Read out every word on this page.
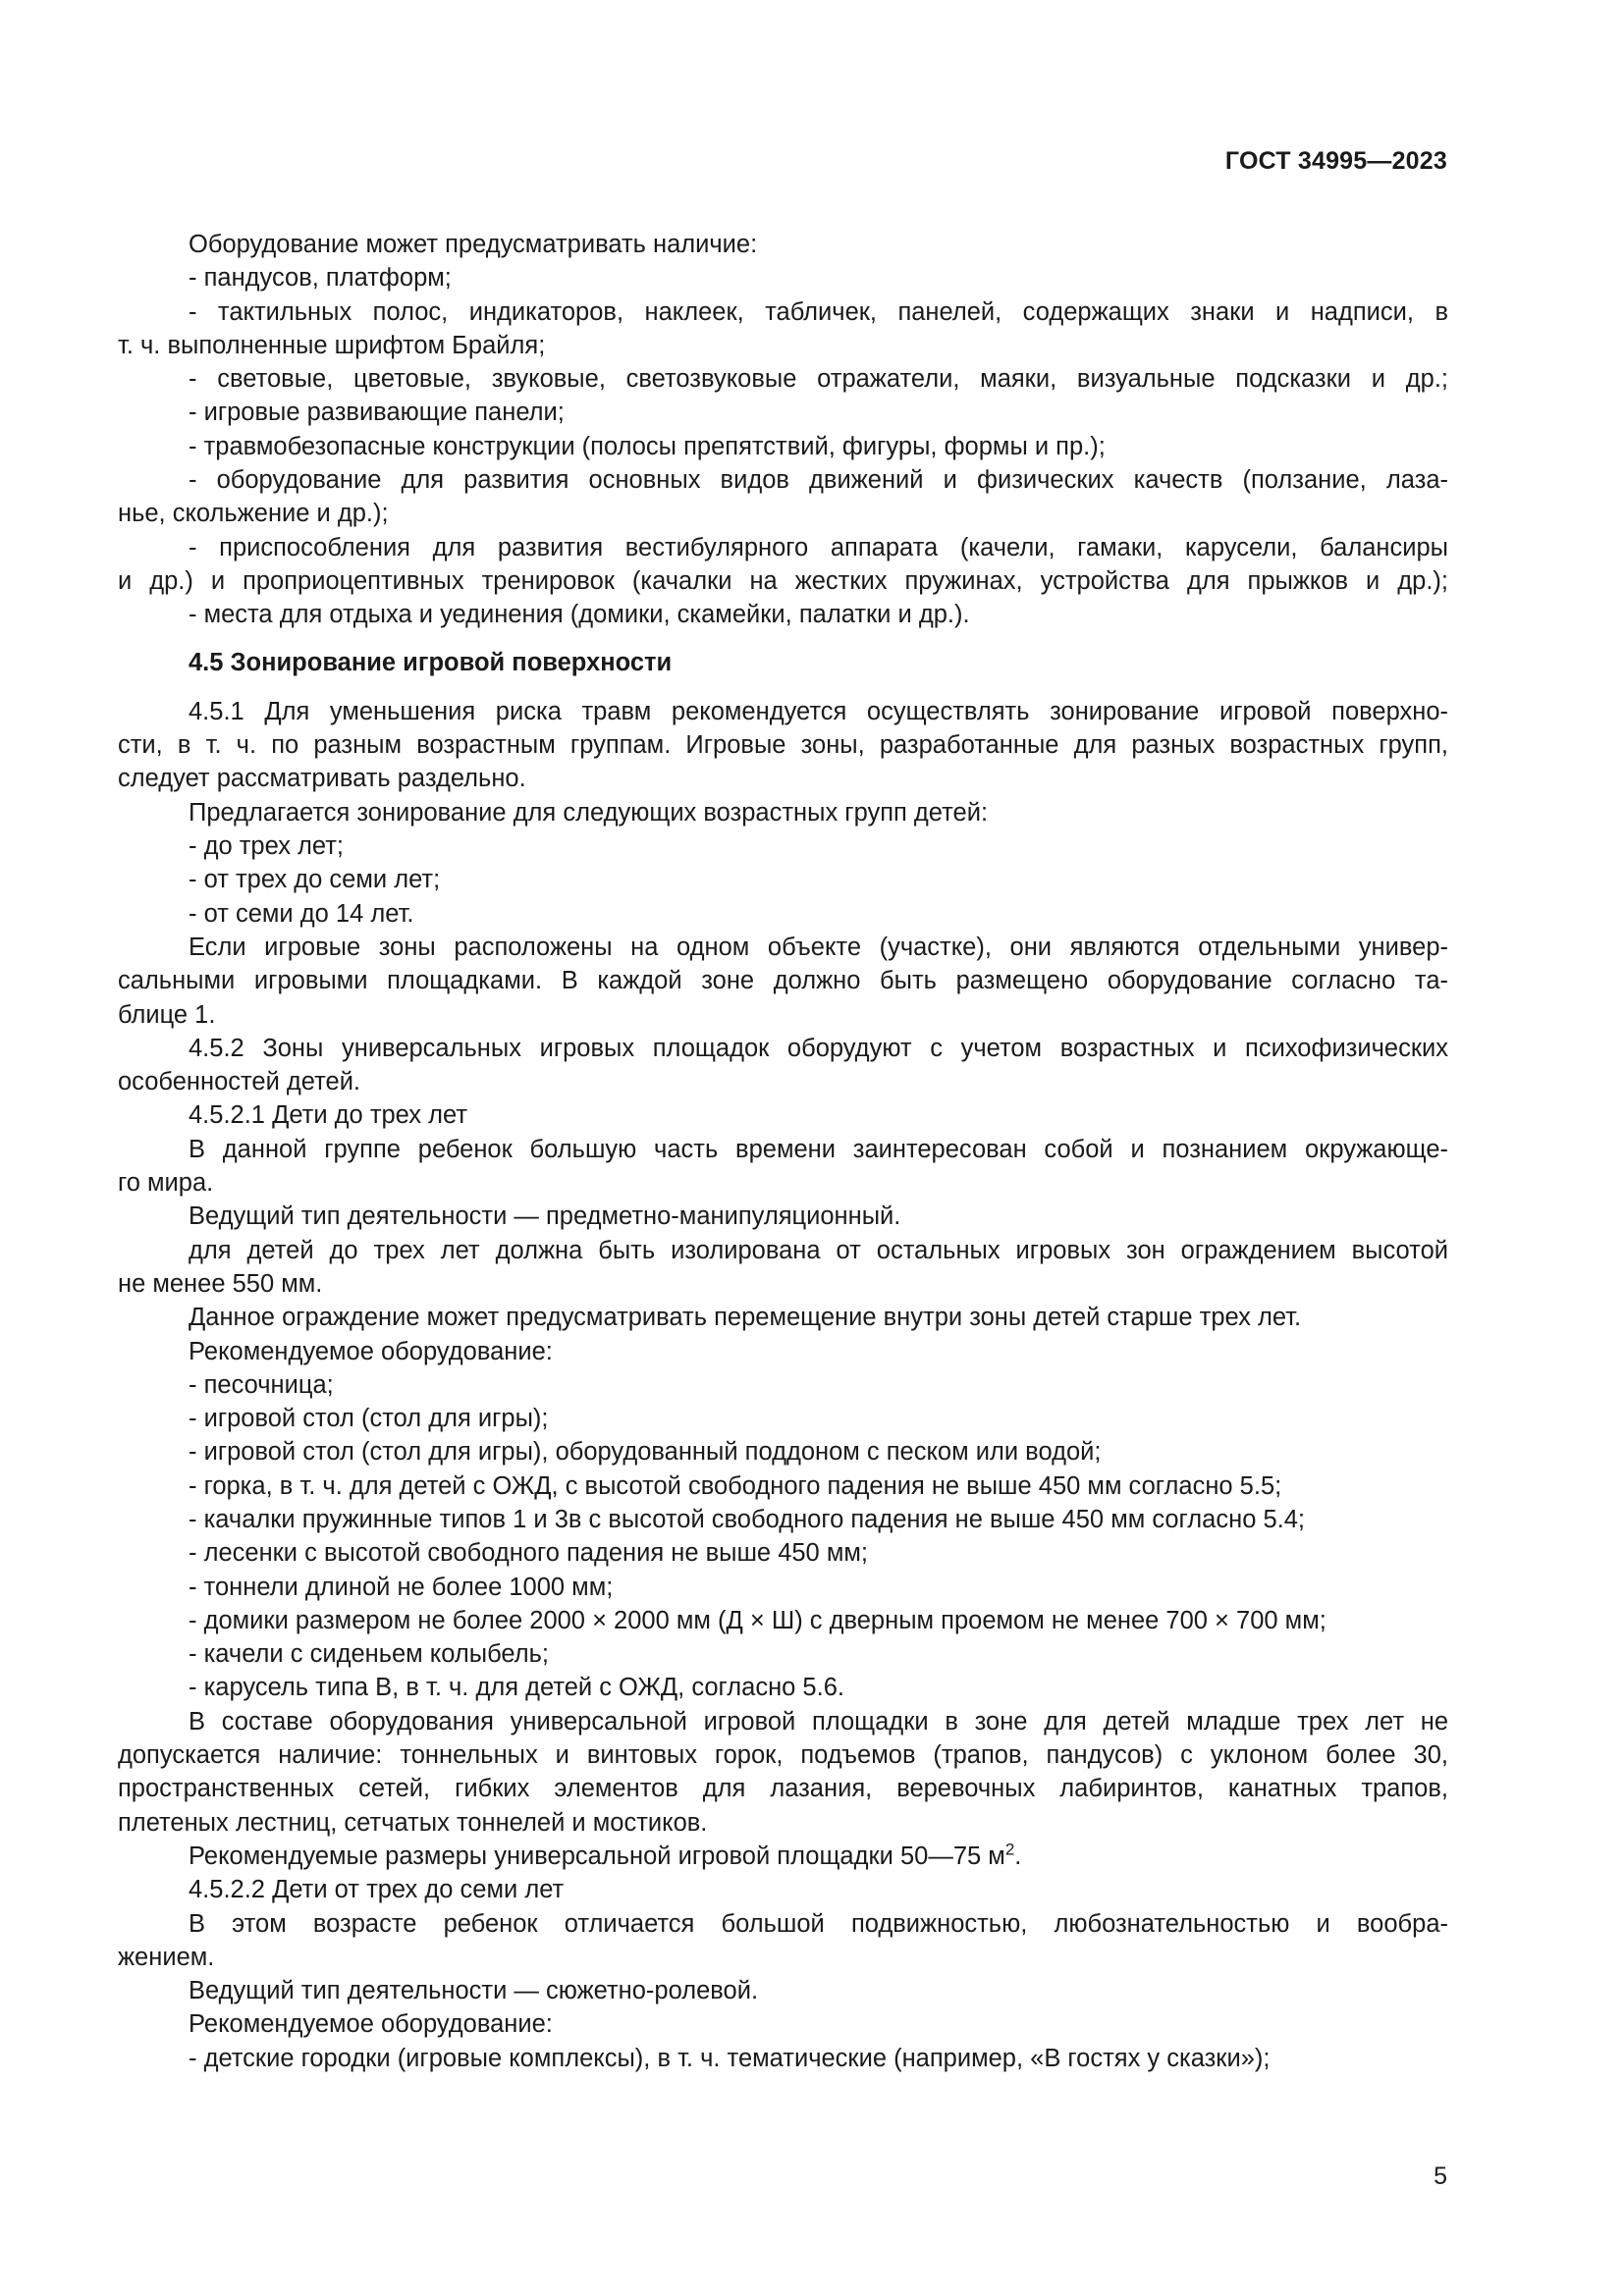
ГОСТ 34995—2023
Оборудование может предусматривать наличие:
- пандусов, платформ;
- тактильных полос, индикаторов, наклеек, табличек, панелей, содержащих знаки и надписи, в
т. ч. выполненные шрифтом Брайля;
- световые, цветовые, звуковые, светозвуковые отражатели, маяки, визуальные подсказки и др.;
- игровые развивающие панели;
- травмобезопасные конструкции (полосы препятствий, фигуры, формы и пр.);
- оборудование для развития основных видов движений и физических качеств (ползание, лаза-
нье, скольжение и др.);
- приспособления для развития вестибулярного аппарата (качели, гамаки, карусели, балансиры
и др.) и проприоцептивных тренировок (качалки на жестких пружинах, устройства для прыжков и др.);
- места для отдыха и уединения (домики, скамейки, палатки и др.).
4.5 Зонирование игровой поверхности
4.5.1 Для уменьшения риска травм рекомендуется осуществлять зонирование игровой поверхно-
сти, в т. ч. по разным возрастным группам. Игровые зоны, разработанные для разных возрастных групп,
следует рассматривать раздельно.
Предлагается зонирование для следующих возрастных групп детей:
- до трех лет;
- от трех до семи лет;
- от семи до 14 лет.
Если игровые зоны расположены на одном объекте (участке), они являются отдельными универ-
сальными игровыми площадками. В каждой зоне должно быть размещено оборудование согласно та-
блице 1.
4.5.2 Зоны универсальных игровых площадок оборудуют с учетом возрастных и психофизических
особенностей детей.
4.5.2.1 Дети до трех лет
В данной группе ребенок большую часть времени заинтересован собой и познанием окружающе-
го мира.
Ведущий тип деятельности — предметно-манипуляционный.
для детей до трех лет должна быть изолирована от остальных игровых зон ограждением высотой
не менее 550 мм.
Данное ограждение может предусматривать перемещение внутри зоны детей старше трех лет.
Рекомендуемое оборудование:
- песочница;
- игровой стол (стол для игры);
- игровой стол (стол для игры), оборудованный поддоном с песком или водой;
- горка, в т. ч. для детей с ОЖД, с высотой свободного падения не выше 450 мм согласно 5.5;
- качалки пружинные типов 1 и 3в с высотой свободного падения не выше 450 мм согласно 5.4;
- лесенки с высотой свободного падения не выше 450 мм;
- тоннели длиной не более 1000 мм;
- домики размером не более 2000 × 2000 мм (Д × Ш) с дверным проемом не менее 700 × 700 мм;
- качели с сиденьем колыбель;
- карусель типа В, в т. ч. для детей с ОЖД, согласно 5.6.
В составе оборудования универсальной игровой площадки в зоне для детей младше трех лет не
допускается наличие: тоннельных и винтовых горок, подъемов (трапов, пандусов) с уклоном более 30,
пространственных сетей, гибких элементов для лазания, веревочных лабиринтов, канатных трапов,
плетеных лестниц, сетчатых тоннелей и мостиков.
Рекомендуемые размеры универсальной игровой площадки 50—75 $м^2$.
4.5.2.2 Дети от трех до семи лет
В этом возрасте ребенок отличается большой подвижностью, любознательностью и вообра-
жением.
Ведущий тип деятельности — сюжетно-ролевой.
Рекомендуемое оборудование:
- детские городки (игровые комплексы), в т. ч. тематические (например, «В гостях у сказки»);
5
